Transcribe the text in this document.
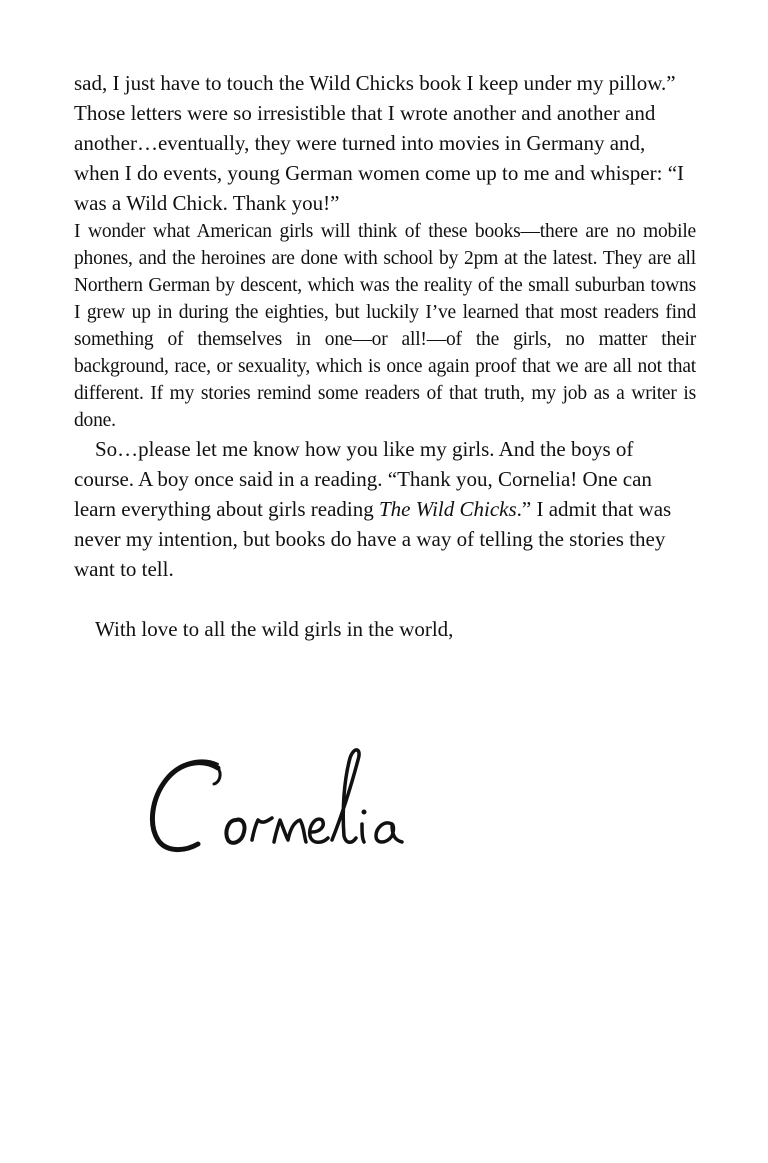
sad, I just have to touch the Wild Chicks book I keep under my pillow.” Those letters were so irresistible that I wrote another and another and another…eventually, they were turned into movies in Germany and, when I do events, young German women come up to me and whisper: “I was a Wild Chick. Thank you!”

I wonder what American girls will think of these books—there are no mobile phones, and the heroines are done with school by 2pm at the latest. They are all Northern German by descent, which was the reality of the small suburban towns I grew up in during the eighties, but luckily I’ve learned that most readers find something of themselves in one—or all!—of the girls, no matter their background, race, or sexuality, which is once again proof that we are all not that different. If my stories remind some readers of that truth, my job as a writer is done.

So…please let me know how you like my girls. And the boys of course. A boy once said in a reading. “Thank you, Cornelia! One can learn everything about girls reading The Wild Chicks.” I admit that was never my intention, but books do have a way of telling the stories they want to tell.

With love to all the wild girls in the world,
